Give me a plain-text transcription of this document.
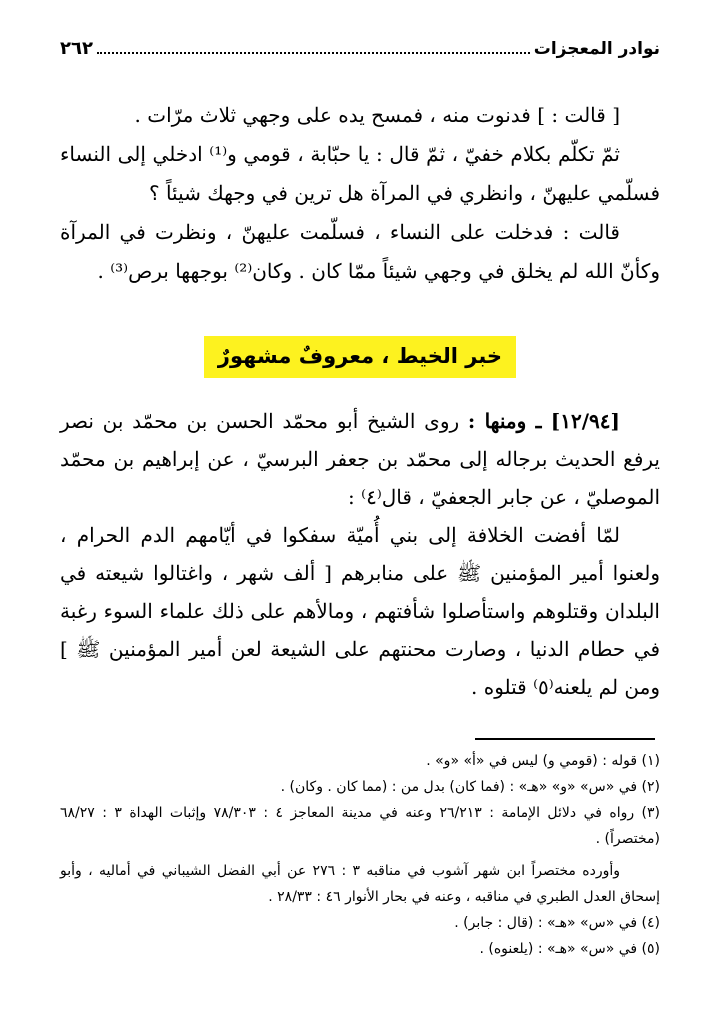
نوادر المعجزات
٢٦٢

[ قالت : ] فدنوت منه ، فمسح يده على وجهي ثلاث مرّات .

ثمّ تكلّم بكلام خفيّ ، ثمّ قال : يا حبّابة ، قومي و⁽¹⁾ ادخلي إلى النساء فسلّمي عليهنّ ، وانظري في المرآة هل ترين في وجهك شيئاً ؟

قالت : فدخلت على النساء ، فسلّمت عليهنّ ، ونظرت في المرآة وكأنّ الله لم يخلق في وجهي شيئاً ممّا كان . وكان⁽²⁾ بوجهها برص⁽³⁾ .

خبر الخيط ، معروفٌ مشهورٌ

[١٢/٩٤] ـ ومنها : روى الشيخ أبو محمّد الحسن بن محمّد بن نصر يرفع الحديث برجاله إلى محمّد بن جعفر البرسيّ ، عن إبراهيم بن محمّد الموصليّ ، عن جابر الجعفيّ ، قال⁽٤⁾ :

لمّا أفضت الخلافة إلى بني أُميّة سفكوا في أيّامهم الدم الحرام ، ولعنوا أمير المؤمنين ﷺ على منابرهم [ ألف شهر ، واغتالوا شيعته في البلدان وقتلوهم واستأصلوا شأفتهم ، ومالأهم على ذلك علماء السوء رغبة في حطام الدنيا ، وصارت محنتهم على الشيعة لعن أمير المؤمنين ﷺ ] ومن لم يلعنه⁽٥⁾ قتلوه .

(١) قوله : (قومي و) ليس في «أ» «و» .

(٢) في «س» «و» «هـ» : (فما كان) بدل من : (مما كان . وكان) .

(٣) رواه في دلائل الإمامة : ٢٦/٢١٣ وعنه في مدينة المعاجز ٤ : ٧٨/٣٠٣ وإثبات الهداة ٣ : ٦٨/٢٧ (مختصراً) .

وأورده مختصراً ابن شهر آشوب في مناقبه ٣ : ٢٧٦ عن أبي الفضل الشيباني في أماليه ، وأبو إسحاق العدل الطبري في مناقبه ، وعنه في بحار الأنوار ٤٦ : ٢٨/٣٣ .

(٤) في «س» «هـ» : (قال : جابر) .

(٥) في «س» «هـ» : (يلعنوه) .
